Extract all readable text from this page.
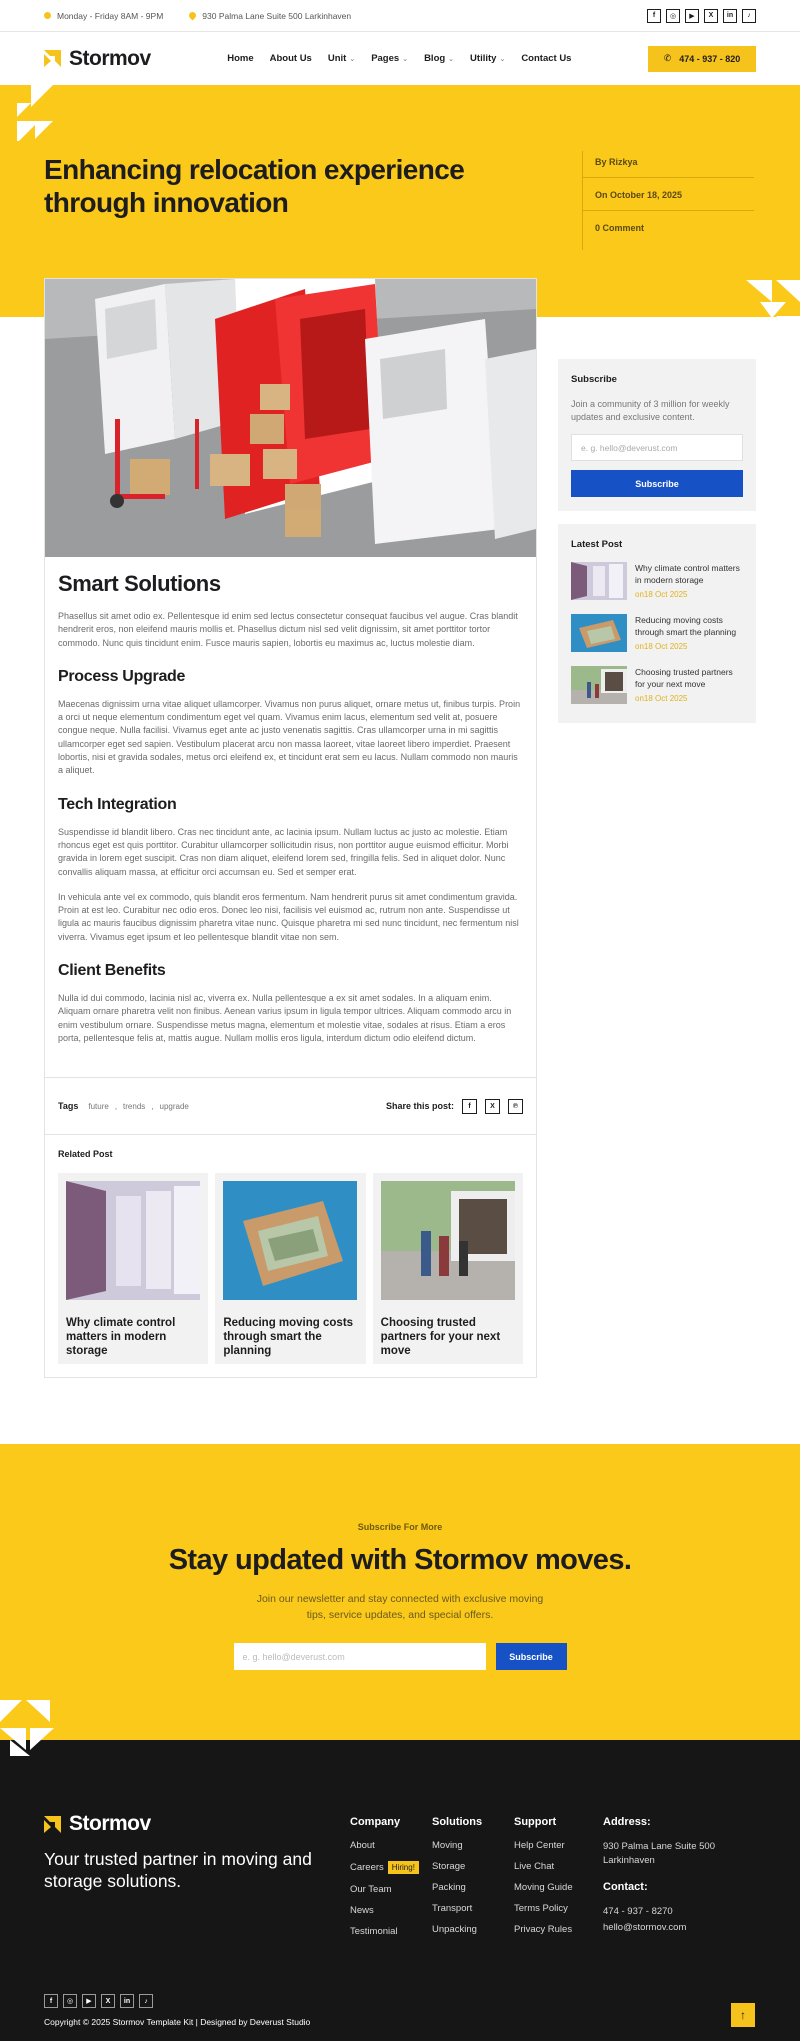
Monday - Friday 8AM - 9PM	930 Palma Lane Suite 500 Larkinhaven	f	◎	▶	X	in	♪
Stormov	Home About Us Unit ⌄ Pages ⌄ Blog ⌄ Utility ⌄ Contact Us	✆ 474 - 937 - 820
Enhancing relocation experience through innovation
By Rizkya
On October 18, 2025
0 Comment
Smart Solutions

Phasellus sit amet odio ex. Pellentesque id enim sed lectus consectetur consequat faucibus vel augue. Cras blandit hendrerit eros, non eleifend mauris mollis et. Phasellus dictum nisl sed velit dignissim, sit amet porttitor tortor commodo. Nunc quis tincidunt enim. Fusce mauris sapien, lobortis eu maximus ac, luctus molestie diam.

Process Upgrade

Maecenas dignissim urna vitae aliquet ullamcorper. Vivamus non purus aliquet, ornare metus ut, finibus turpis. Proin a orci ut neque elementum condimentum eget vel quam. Vivamus enim lacus, elementum sed velit at, posuere congue neque. Nulla facilisi. Vivamus eget ante ac justo venenatis sagittis. Cras ullamcorper urna in mi sagittis ullamcorper eget sed sapien. Vestibulum placerat arcu non massa laoreet, vitae laoreet libero imperdiet. Praesent lobortis, nisi et gravida sodales, metus orci eleifend ex, et tincidunt erat sem eu lacus. Nullam commodo non mauris a aliquet.

Tech Integration

Suspendisse id blandit libero. Cras nec tincidunt ante, ac lacinia ipsum. Nullam luctus ac justo ac molestie. Etiam rhoncus eget est quis porttitor. Curabitur ullamcorper sollicitudin risus, non porttitor augue euismod efficitur. Morbi gravida in lorem eget suscipit. Cras non diam aliquet, eleifend lorem sed, fringilla felis. Sed in aliquet dolor. Nunc convallis aliquam massa, at efficitur orci accumsan eu. Sed et semper erat.

In vehicula ante vel ex commodo, quis blandit eros fermentum. Nam hendrerit purus sit amet condimentum gravida. Proin at est leo. Curabitur nec odio eros. Donec leo nisi, facilisis vel euismod ac, rutrum non ante. Suspendisse ut ligula ac mauris faucibus dignissim pharetra vitae nunc. Quisque pharetra mi sed nunc tincidunt, nec fermentum nisl viverra. Vivamus eget ipsum et leo pellentesque blandit vitae non sem.

Client Benefits

Nulla id dui commodo, lacinia nisl ac, viverra ex. Nulla pellentesque a ex sit amet sodales. In a aliquam enim. Aliquam ornare pharetra velit non finibus. Aenean varius ipsum in ligula tempor ultrices. Aliquam commodo arcu in enim vestibulum ornare. Suspendisse metus magna, elementum et molestie vitae, sodales at risus. Etiam a eros porta, pellentesque felis at, mattis augue. Nullam mollis eros ligula, interdum dictum odio eleifend dictum.

Tags future , trends , upgrade	Share this post:	f	X	℗
Related Post
Why climate control matters in modern storage
Reducing moving costs through smart the planning
Choosing trusted partners for your next move
Subscribe
Join a community of 3 million for weekly updates and exclusive content.
e. g. hello@deverust.com
Subscribe
Latest Post
Why climate control matters in modern storage
on18 Oct 2025
Reducing moving costs through smart the planning
on18 Oct 2025
Choosing trusted partners for your next move
on18 Oct 2025
Subscribe For More
Stay updated with Stormov moves.
Join our newsletter and stay connected with exclusive moving tips, service updates, and special offers.
e. g. hello@deverust.com	Subscribe
Stormov
Your trusted partner in moving and storage solutions.
Company
About
Careers	Hiring!
Our Team
News
Testimonial
Solutions
Moving
Storage
Packing
Transport
Unpacking
Support
Help Center
Live Chat
Moving Guide
Terms Policy
Privacy Rules
Address:
930 Palma Lane Suite 500 Larkinhaven
Contact:
474 - 937 - 8270
hello@stormov.com
f	◎	▶	X	in	♪
Copyright © 2025 Stormov Template Kit | Designed by Deverust Studio	↑
